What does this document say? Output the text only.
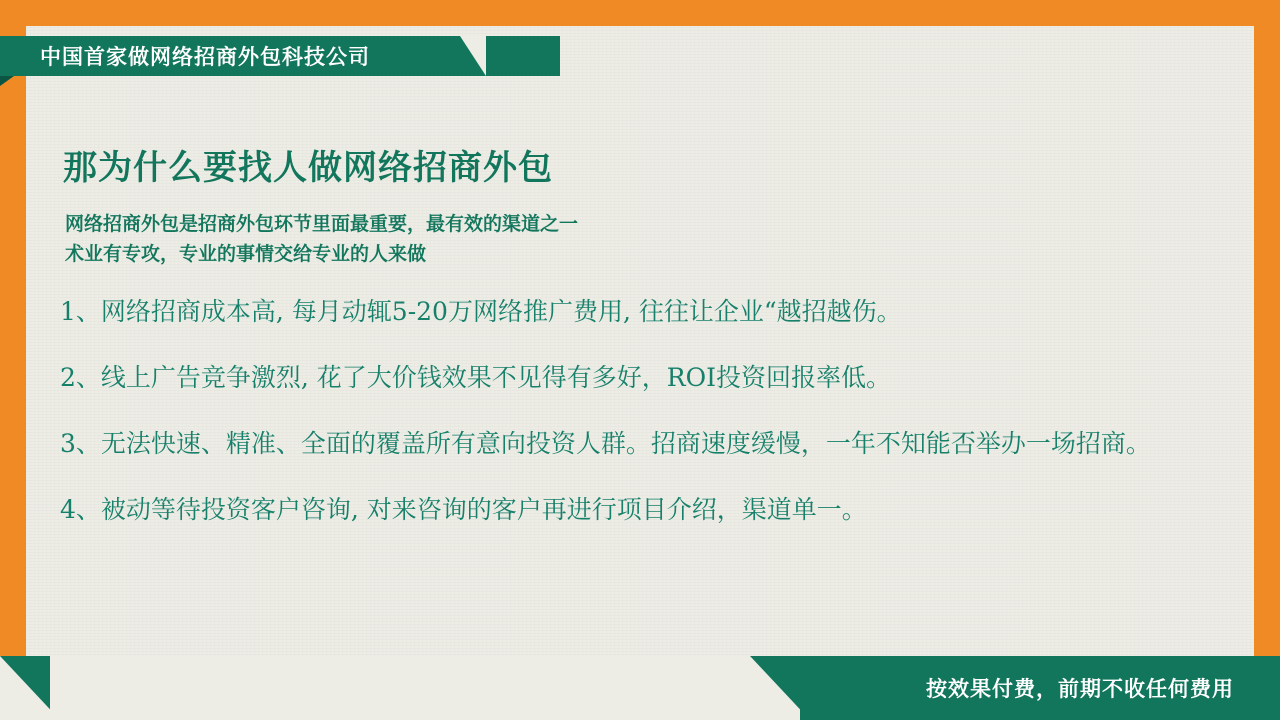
中国首家做网络招商外包科技公司
那为什么要找人做网络招商外包
网络招商外包是招商外包环节里面最重要，最有效的渠道之一
术业有专攻，专业的事情交给专业的人来做
1、网络招商成本高, 每月动辄5-20万网络推广费用, 往往让企业“越招越伤。
2、线上广告竞争激烈, 花了大价钱效果不见得有多好，ROI投资回报率低。
3、无法快速、精准、全面的覆盖所有意向投资人群。招商速度缓慢，一年不知能否举办一场招商。
4、被动等待投资客户咨询, 对来咨询的客户再进行项目介绍，渠道单一。
按效果付费，前期不收任何费用
